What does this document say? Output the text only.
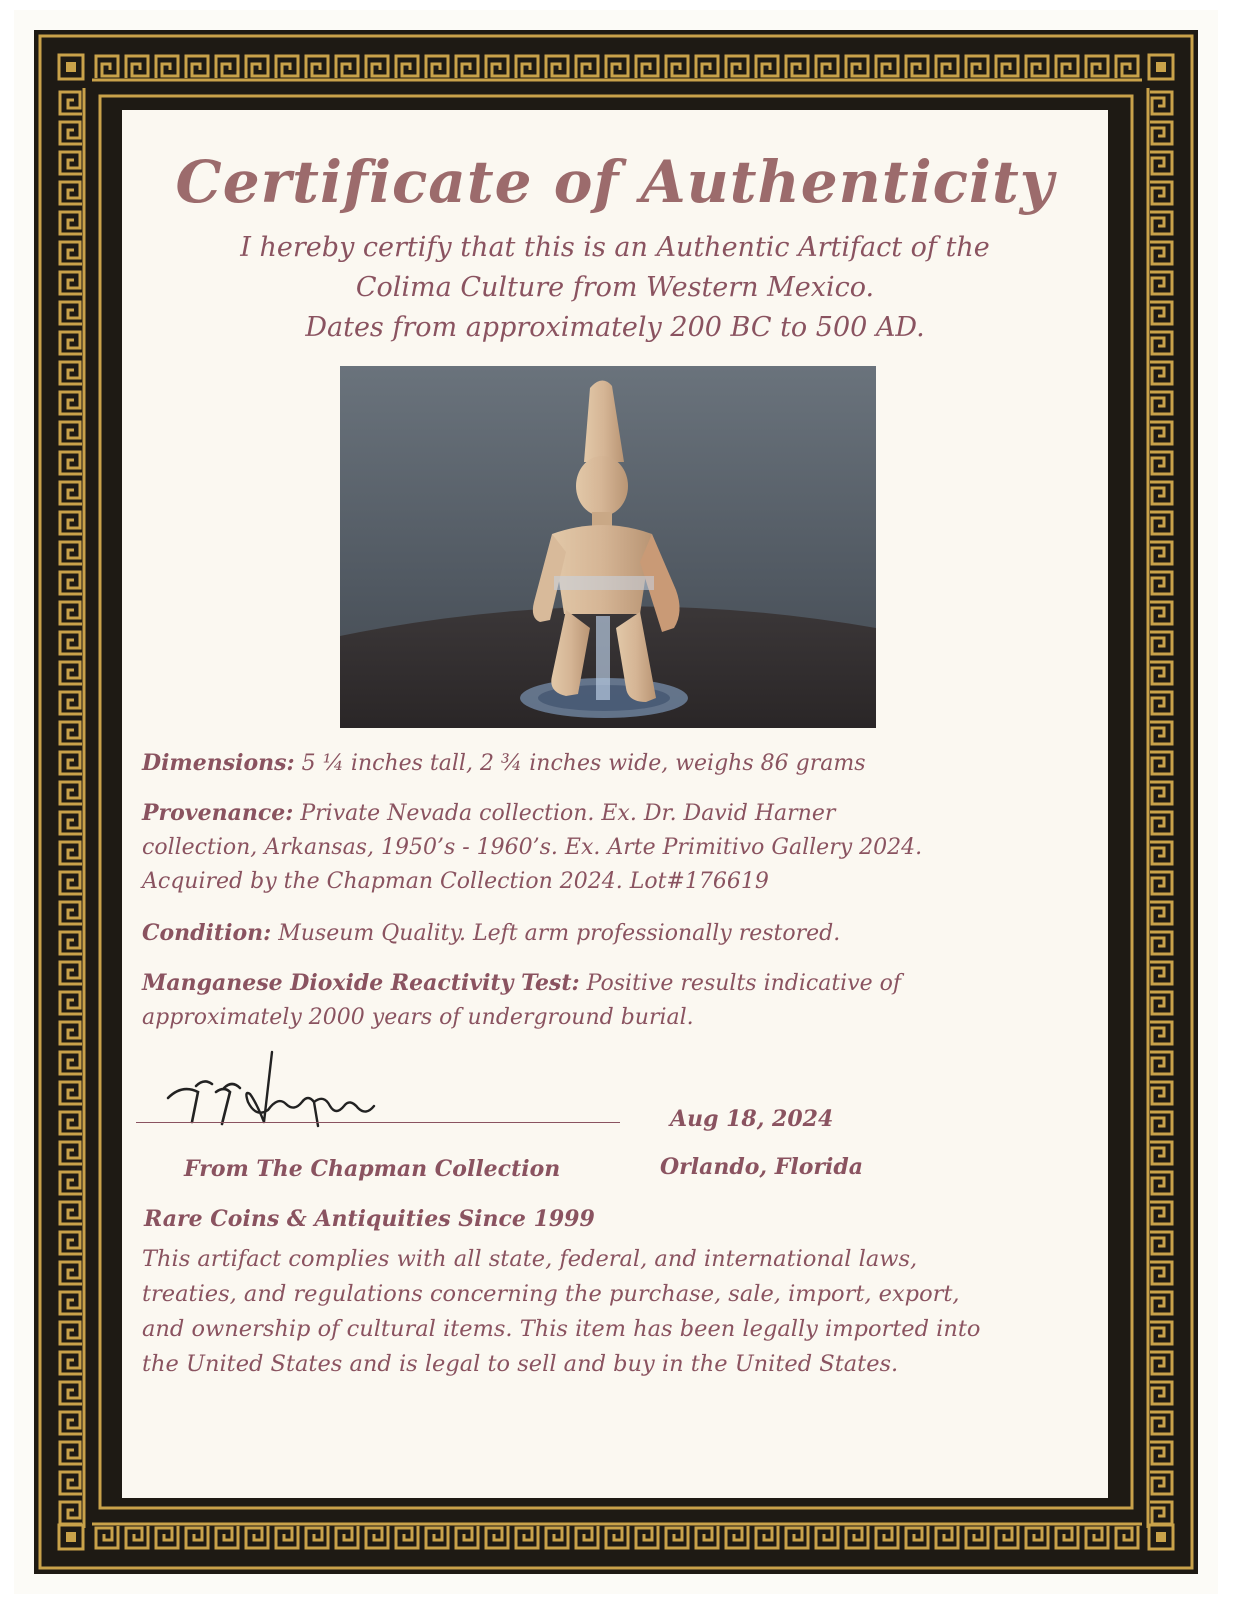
Certificate of Authenticity
I hereby certify that this is an Authentic Artifact of the
Colima Culture from Western Mexico.
Dates from approximately 200 BC to 500 AD.
Dimensions: 5 ¼ inches tall, 2 ¾ inches wide, weighs 86 grams
Provenance: Private Nevada collection. Ex. Dr. David Harner
collection, Arkansas, 1950’s - 1960’s. Ex. Arte Primitivo Gallery 2024.
Acquired by the Chapman Collection 2024. Lot#176619
Condition: Museum Quality. Left arm professionally restored.
Manganese Dioxide Reactivity Test: Positive results indicative of
approximately 2000 years of underground burial.
Aug 18, 2024
From The Chapman Collection	Orlando, Florida
Rare Coins & Antiquities Since 1999
This artifact complies with all state, federal, and international laws,
treaties, and regulations concerning the purchase, sale, import, export,
and ownership of cultural items. This item has been legally imported into
the United States and is legal to sell and buy in the United States.
